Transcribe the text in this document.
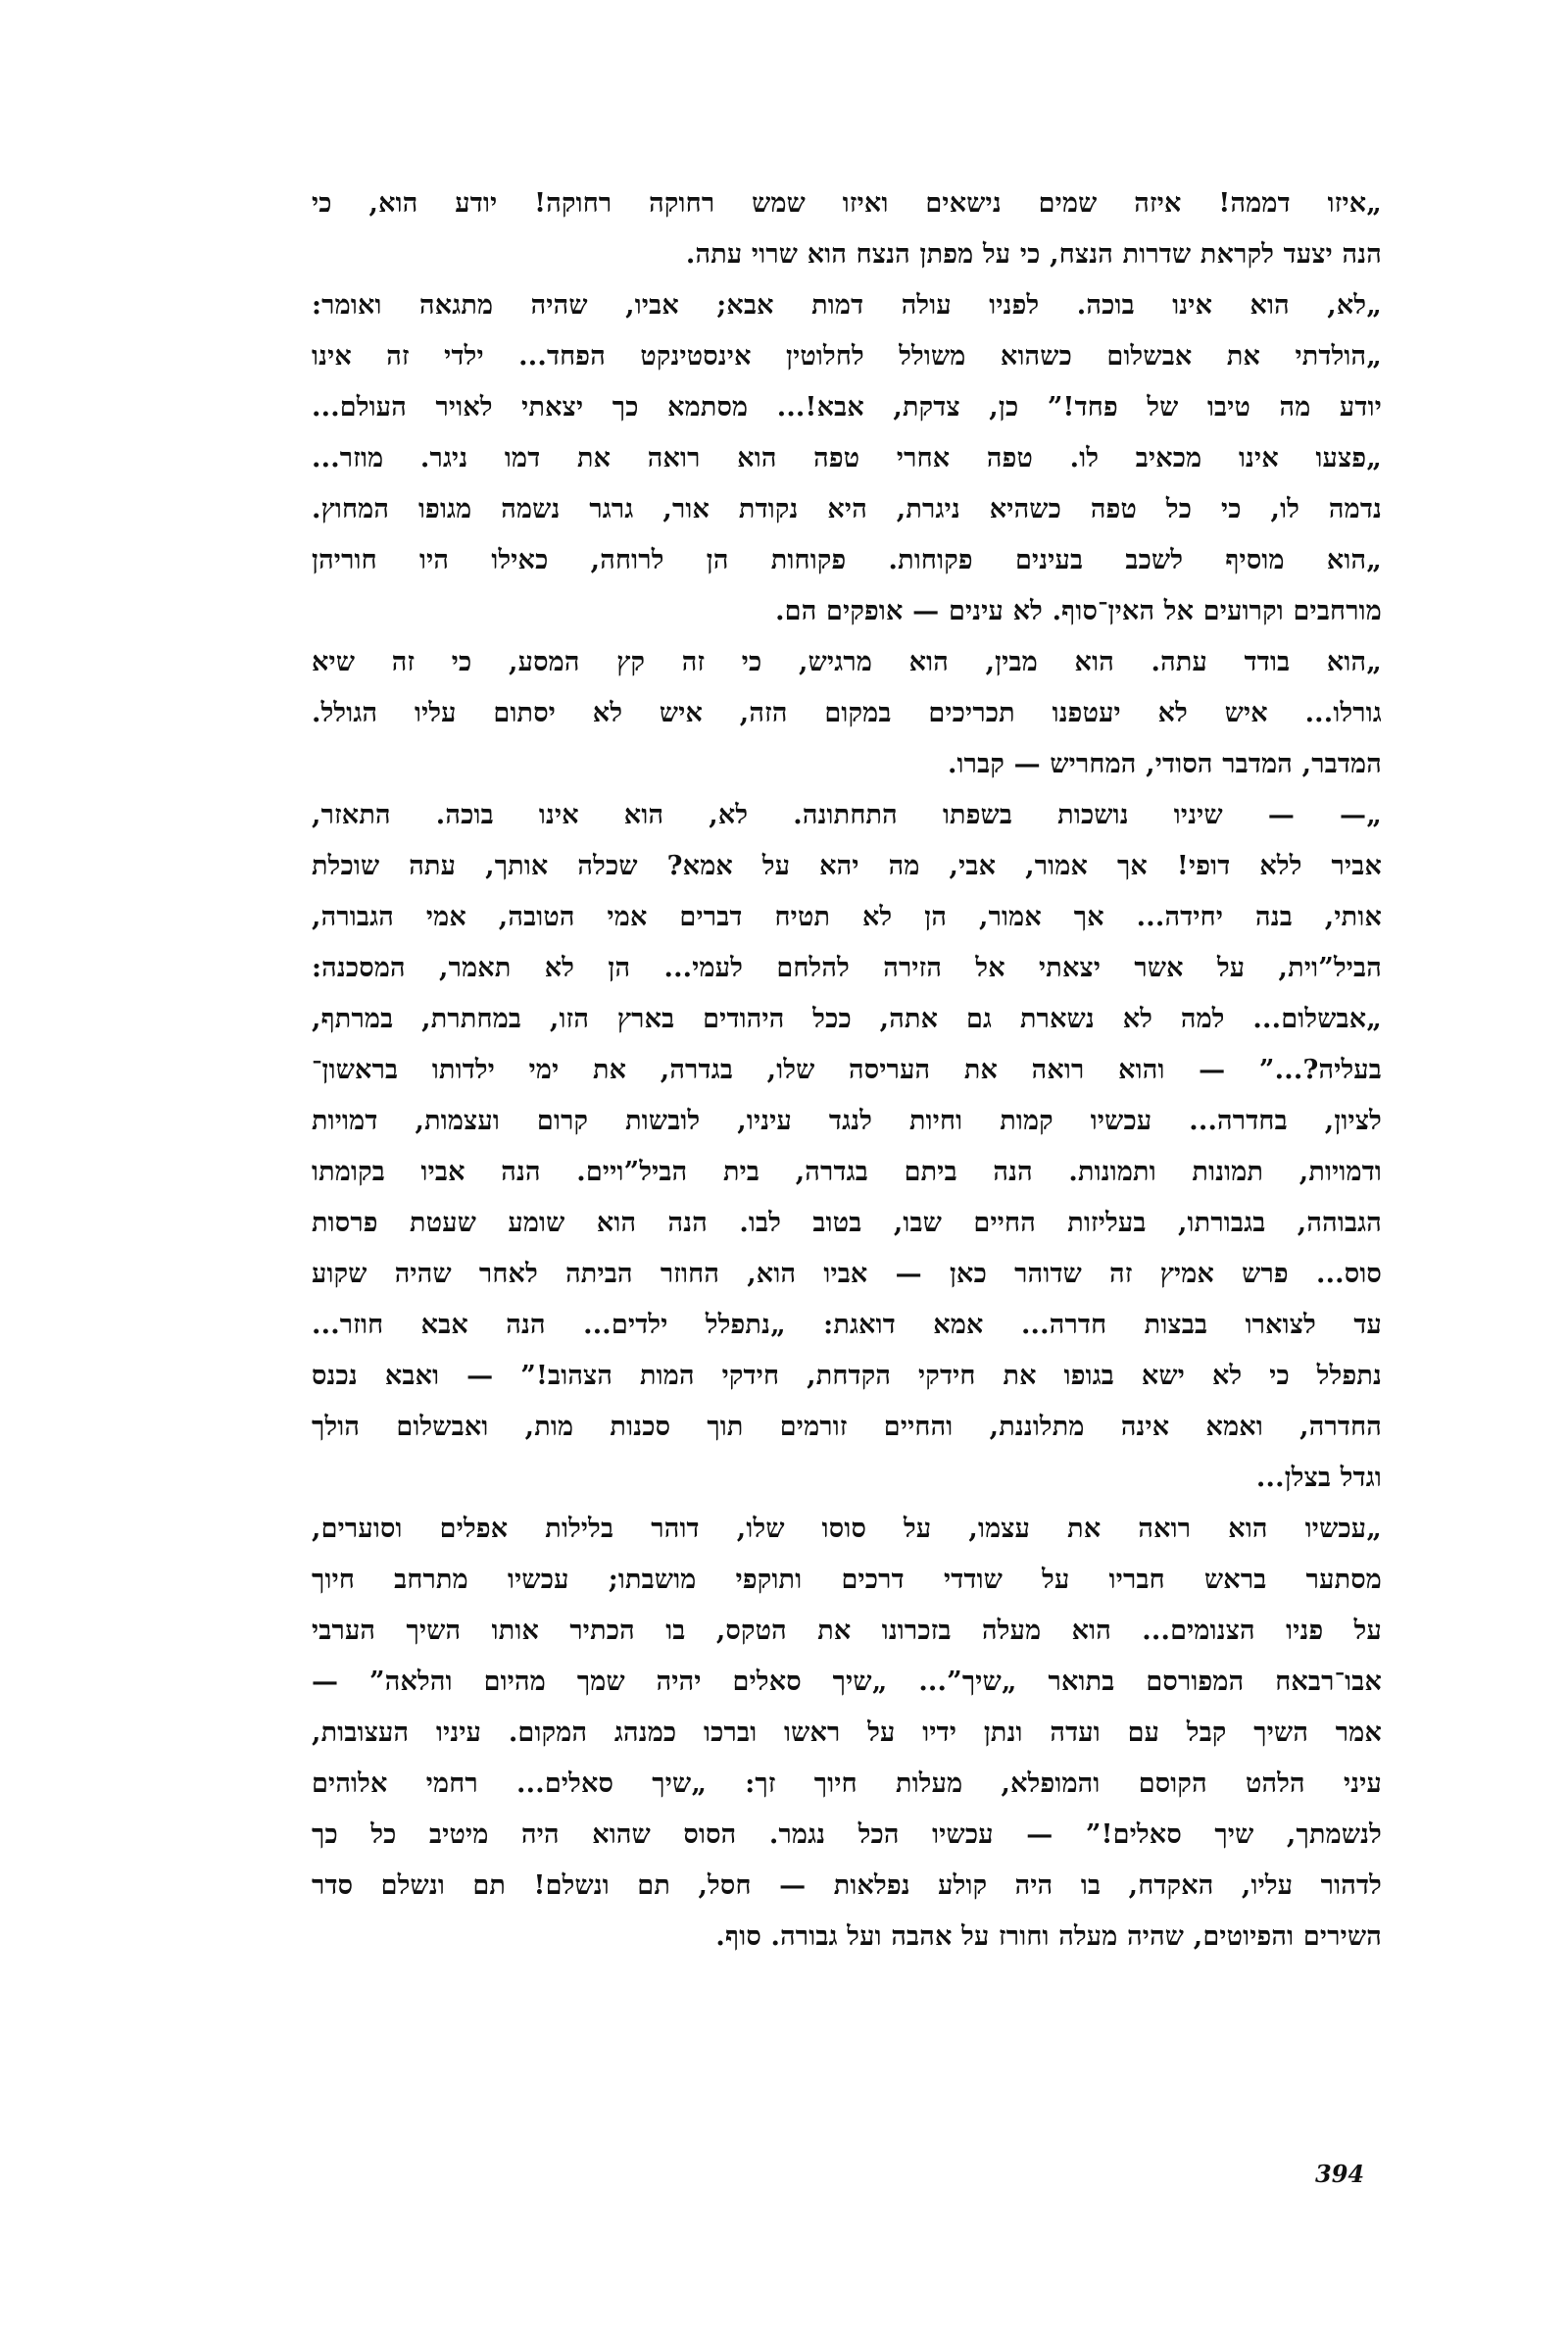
„איזו דממה! איזה שמים נישאים ואיזו שמש רחוקה רחוקה! יודע הוא, כי
הנה יצעד לקראת שדרות הנצח, כי על מפתן הנצח הוא שרוי עתה.
„לא, הוא אינו בוכה. לפניו עולה דמות אבא; אביו, שהיה מתגאה ואומר:
„הולדתי את אבשלום כשהוא משולל לחלוטין אינסטינקט הפחד... ילדי זה אינו
יודע מה טיבו של פחד!” כן, צדקת, אבא!... מסתמא כך יצאתי לאויר העולם...
„פצעו אינו מכאיב לו. טפה אחרי טפה הוא רואה את דמו ניגר. מוזר...
נדמה לו, כי כל טפה כשהיא ניגרת, היא נקודת אור, גרגר נשמה מגופו המחוץ.
„הוא מוסיף לשכב בעינים פקוחות. פקוחות הן לרוחה, כאילו היו חוריהן
מורחבים וקרועים אל האין־סוף. לא עינים — אופקים הם.
„הוא בודד עתה. הוא מבין, הוא מרגיש, כי זה קץ המסע, כי זה שיא
גורלו... איש לא יעטפנו תכריכים במקום הזה, איש לא יסתום עליו הגולל.
המדבר, המדבר הסודי, המחריש — קברו.
„— — שיניו נושכות בשפתו התחתונה. לא, הוא אינו בוכה. התאזר,
אביר ללא דופי! אך אמור, אבי, מה יהא על אמא? שכלה אותך, עתה שוכלת
אותי, בנה יחידה... אך אמור, הן לא תטיח דברים אמי הטובה, אמי הגבורה,
הביל”וית, על אשר יצאתי אל הזירה להלחם לעמי... הן לא תאמר, המסכנה:
„אבשלום... למה לא נשארת גם אתה, ככל היהודים בארץ הזו, במחתרת, במרתף,
בעליה?...” — והוא רואה את העריסה שלו, בגדרה, את ימי ילדותו בראשון־
לציון, בחדרה... עכשיו קמות וחיות לנגד עיניו, לובשות קרום ועצמות, דמויות
ודמויות, תמונות ותמונות. הנה ביתם בגדרה, בית הביל”ויים. הנה אביו בקומתו
הגבוהה, בגבורתו, בעליזות החיים שבו, בטוב לבו. הנה הוא שומע שעטת פרסות
סוס... פרש אמיץ זה שדוהר כאן — אביו הוא, החוזר הביתה לאחר שהיה שקוע
עד לצוארו בבצות חדרה... אמא דואגת: „נתפלל ילדים... הנה אבא חוזר...
נתפלל כי לא ישא בגופו את חידקי הקדחת, חידקי המות הצהוב!” — ואבא נכנס
החדרה, ואמא אינה מתלוננת, והחיים זורמים תוך סכנות מות, ואבשלום הולך
וגדל בצלן...
„עכשיו הוא רואה את עצמו, על סוסו שלו, דוהר בלילות אפלים וסוערים,
מסתער בראש חבריו על שודדי דרכים ותוקפי מושבתו; עכשיו מתרחב חיוך
על פניו הצנומים... הוא מעלה בזכרונו את הטקס, בו הכתיר אותו השיך הערבי
אבו־רבאח המפורסם בתואר „שיך”... „שיך סאלים יהיה שמך מהיום והלאה” —
אמר השיך קבל עם ועדה ונתן ידיו על ראשו וברכו כמנהג המקום. עיניו העצובות,
עיני הלהט הקוסם והמופלא, מעלות חיוך זך: „שיך סאלים... רחמי אלוהים
לנשמתך, שיך סאלים!” — עכשיו הכל נגמר. הסוס שהוא היה מיטיב כל כך
לדהור עליו, האקדח, בו היה קולע נפלאות — חסל, תם ונשלם! תם ונשלם סדר
השירים והפיוטים, שהיה מעלה וחורז על אהבה ועל גבורה. סוף.
394
